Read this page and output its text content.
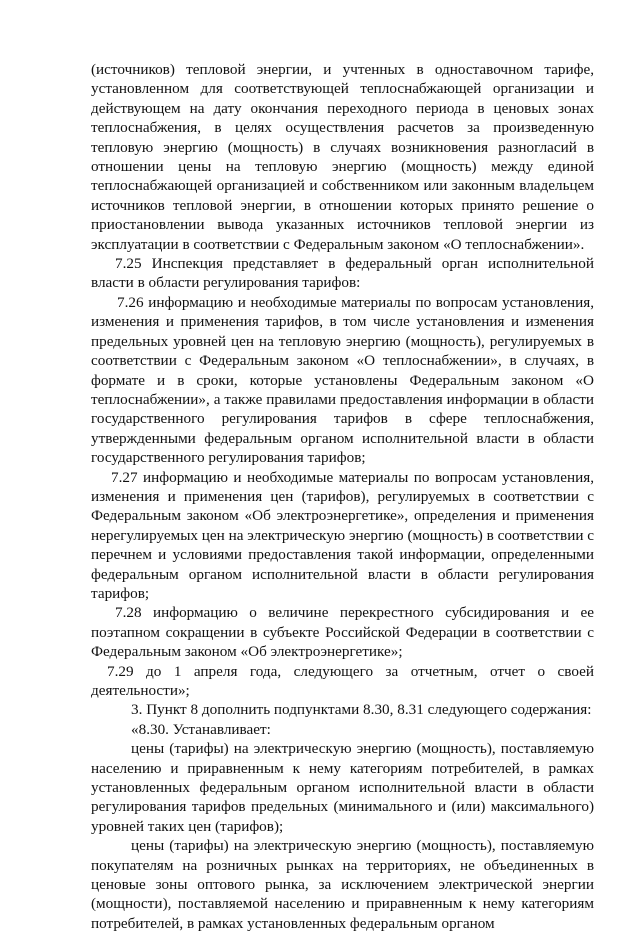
(источников) тепловой энергии, и учтенных в одноставочном тарифе, установленном для соответствующей теплоснабжающей организации и действующем на дату окончания переходного периода в ценовых зонах теплоснабжения, в целях осуществления расчетов за произведенную тепловую энергию (мощность) в случаях возникновения разногласий в отношении цены на тепловую энергию (мощность) между единой теплоснабжающей организацией и собственником или законным владельцем источников тепловой энергии, в отношении которых принято решение о приостановлении вывода указанных источников тепловой энергии из эксплуатации в соответствии с Федеральным законом «О теплоснабжении».

7.25 Инспекция представляет в федеральный орган исполнительной власти в области регулирования тарифов:

7.26 информацию и необходимые материалы по вопросам установления, изменения и применения тарифов, в том числе установления и изменения предельных уровней цен на тепловую энергию (мощность), регулируемых в соответствии с Федеральным законом «О теплоснабжении», в случаях, в формате и в сроки, которые установлены Федеральным законом «О теплоснабжении», а также правилами предоставления информации в области государственного регулирования тарифов в сфере теплоснабжения, утвержденными федеральным органом исполнительной власти в области государственного регулирования тарифов;

7.27 информацию и необходимые материалы по вопросам установления, изменения и применения цен (тарифов), регулируемых в соответствии с Федеральным законом «Об электроэнергетике», определения и применения нерегулируемых цен на электрическую энергию (мощность) в соответствии с перечнем и условиями предоставления такой информации, определенными федеральным органом исполнительной власти в области регулирования тарифов;

7.28 информацию о величине перекрестного субсидирования и ее поэтапном сокращении в субъекте Российской Федерации в соответствии с Федеральным законом «Об электроэнергетике»;

7.29 до 1 апреля года, следующего за отчетным, отчет о своей деятельности»;

3. Пункт 8 дополнить подпунктами 8.30, 8.31 следующего содержания:

«8.30. Устанавливает:

цены (тарифы) на электрическую энергию (мощность), поставляемую населению и приравненным к нему категориям потребителей, в рамках установленных федеральным органом исполнительной власти в области регулирования тарифов предельных (минимального и (или) максимального) уровней таких цен (тарифов);

цены (тарифы) на электрическую энергию (мощность), поставляемую покупателям на розничных рынках на территориях, не объединенных в ценовые зоны оптового рынка, за исключением электрической энергии (мощности), поставляемой населению и приравненным к нему категориям потребителей, в рамках установленных федеральным органом
